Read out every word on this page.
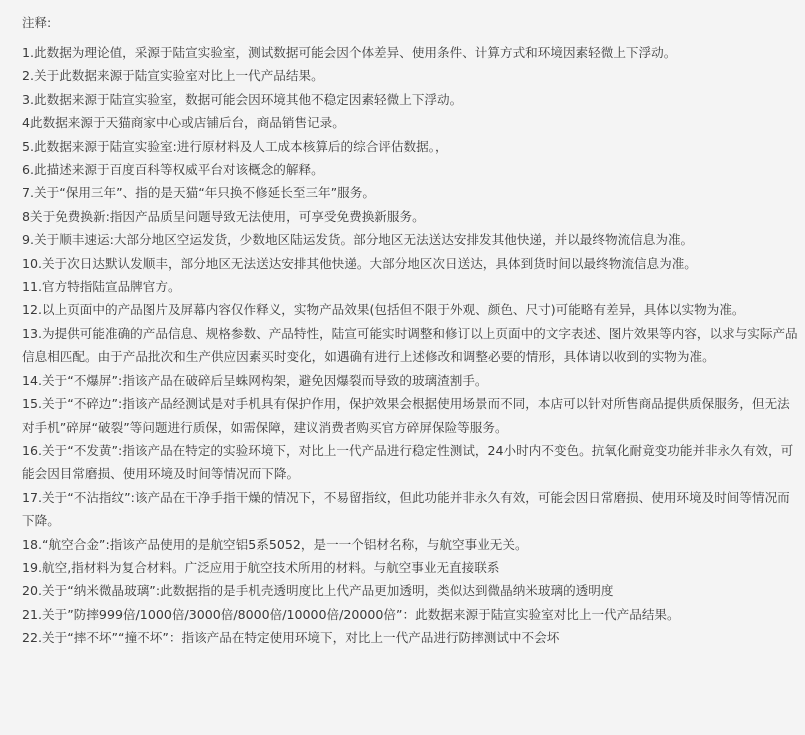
注释:
1.此数据为理论值，采源于陆宣实验室，测试数据可能会因个体差异、使用条件、计算方式和环境因素轻微上下浮动。
2.关于此数据来源于陆宣实验室对比上一代产品结果。
3.此数据来源于陆宣实验室，数据可能会因环境其他不稳定因素轻微上下浮动。
4此数据来源于天猫商家中心或店铺后台，商品销售记录。
5.此数据来源于陆宣实验室:进行原材料及人工成本核算后的综合评估数据。，
6.此描述来源于百度百科等权威平台对该概念的解释。
7.关于“保用三年”、指的是天猫“年只换不修延长至三年”服务。
8关于免费换新:指因产品质呈问题导致无法使用，可享受免费换新服务。
9.关于顺丰速运:大部分地区空运发货，少数地区陆运发货。部分地区无法送达安排发其他快递，并以最终物流信息为准。
10.关于次日达默认发顺丰，部分地区无法送达安排其他快递。大部分地区次日送达，具体到货时间以最终物流信息为准。
11.官方特指陆宣品牌官方。
12.以上页面中的产品图片及屏幕内容仅作释义，实物产品效果(包括但不限于外观、颜色、尺寸)可能略有差异，具体以实物为准。
13.为提供可能准确的产品信息、规格参数、产品特性，陆宣可能实时调整和修订以上页面中的文字表述、图片效果等内容，以求与实际产品信息相匹配。由于产品批次和生产供应因素买时变化，如遇确有进行上述修改和调整必要的情形，具体请以收到的实物为准。
14.关于“不爆屏”:指该产品在破碎后呈蛛网构架，避免因爆裂而导致的玻璃渣割手。
15.关于“不碎边”:指该产品经测试是对手机具有保护作用，保护效果会根据使用场景而不同，本店可以针对所售商品提供质保服务，但无法对手机”碎屏“破裂”等问题进行质保，如需保障，建议消费者购买官方碎屏保险等服务。
16.关于“不发黄”:指该产品在特定的实验环境下，对比上一代产品进行稳定性测试，24小时内不变色。抗氧化耐竟变功能并非永久有效，可能会因目常磨损、使用环境及时间等情况而下降。
17.关于“不沾指纹”:该产品在干净手指干燥的情况下，不易留指纹，但此功能并非永久有效，可能会因日常磨损、使用环境及时间等情况而下降。
18.“航空合金”:指该产品使用的是航空铝5系5052，是一一个铝材名称，与航空事业无关。
19.航空,指材料为复合材料。广泛应用于航空技术所用的材料。与航空事业无直接联系
20.关于“纳米微晶玻璃”:此数据指的是手机壳透明度比上代产品更加透明，类似达到微晶纳米玻璃的透明度
21.关于”防摔999倍/1000倍/3000倍/8000倍/10000倍/20000倍”：此数据来源于陆宣实验室对比上一代产品结果。
22.关于“摔不坏”“撞不坏”：指该产品在特定使用环境下，对比上一代产品进行防摔测试中不会坏
